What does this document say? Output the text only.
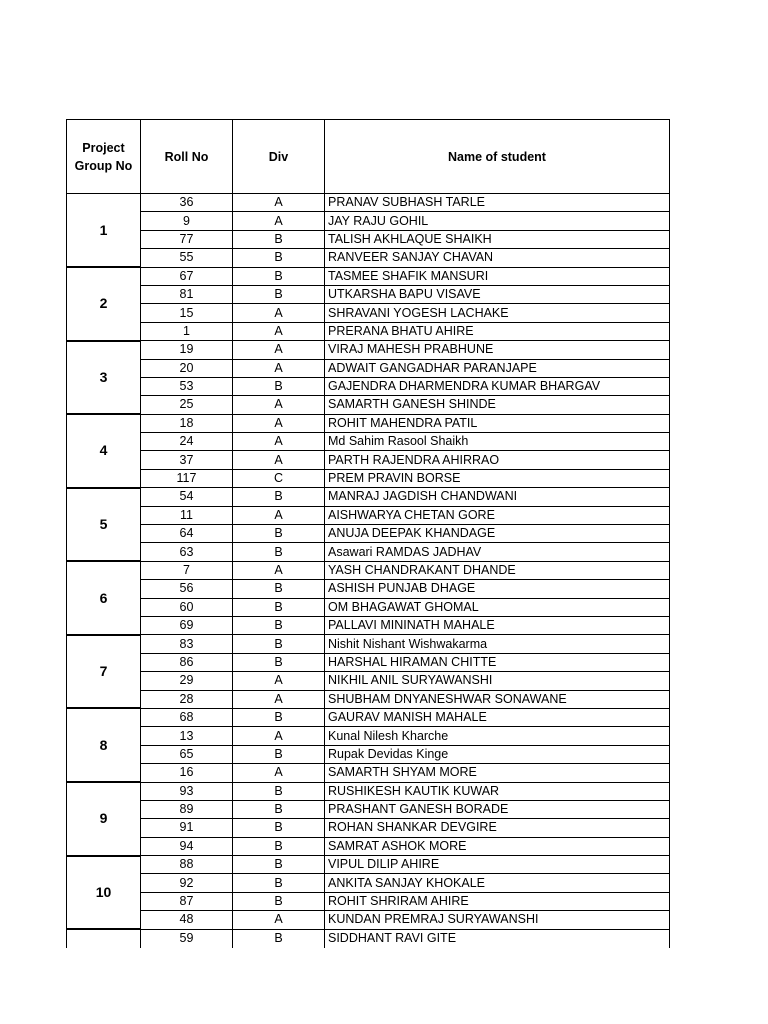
Project
Group No	Roll No	Div	Name of student
1	36	A	PRANAV SUBHASH TARLE
	9	A	JAY RAJU GOHIL
	77	B	TALISH AKHLAQUE SHAIKH
	55	B	RANVEER SANJAY CHAVAN
2	67	B	TASMEE SHAFIK MANSURI
	81	B	UTKARSHA BAPU VISAVE
	15	A	SHRAVANI YOGESH LACHAKE
	1	A	PRERANA BHATU AHIRE
3	19	A	VIRAJ MAHESH PRABHUNE
	20	A	ADWAIT GANGADHAR PARANJAPE
	53	B	GAJENDRA DHARMENDRA KUMAR BHARGAV
	25	A	SAMARTH GANESH SHINDE
4	18	A	ROHIT MAHENDRA PATIL
	24	A	Md Sahim Rasool Shaikh
	37	A	PARTH RAJENDRA AHIRRAO
	117	C	PREM PRAVIN BORSE
5	54	B	MANRAJ JAGDISH CHANDWANI
	11	A	AISHWARYA CHETAN GORE
	64	B	ANUJA DEEPAK KHANDAGE
	63	B	Asawari RAMDAS JADHAV
6	7	A	YASH CHANDRAKANT DHANDE
	56	B	ASHISH PUNJAB DHAGE
	60	B	OM BHAGAWAT GHOMAL
	69	B	PALLAVI MININATH MAHALE
7	83	B	Nishit Nishant Wishwakarma
	86	B	HARSHAL HIRAMAN CHITTE
	29	A	NIKHIL ANIL SURYAWANSHI
	28	A	SHUBHAM DNYANESHWAR SONAWANE
8	68	B	GAURAV MANISH MAHALE
	13	A	Kunal Nilesh Kharche
	65	B	Rupak Devidas Kinge
	16	A	SAMARTH SHYAM MORE
9	93	B	RUSHIKESH KAUTIK KUWAR
	89	B	PRASHANT GANESH BORADE
	91	B	ROHAN SHANKAR DEVGIRE
	94	B	SAMRAT ASHOK MORE
10	88	B	VIPUL DILIP AHIRE
	92	B	ANKITA SANJAY KHOKALE
	87	B	ROHIT SHRIRAM AHIRE
	48	A	KUNDAN PREMRAJ SURYAWANSHI
	59	B	SIDDHANT RAVI GITE
